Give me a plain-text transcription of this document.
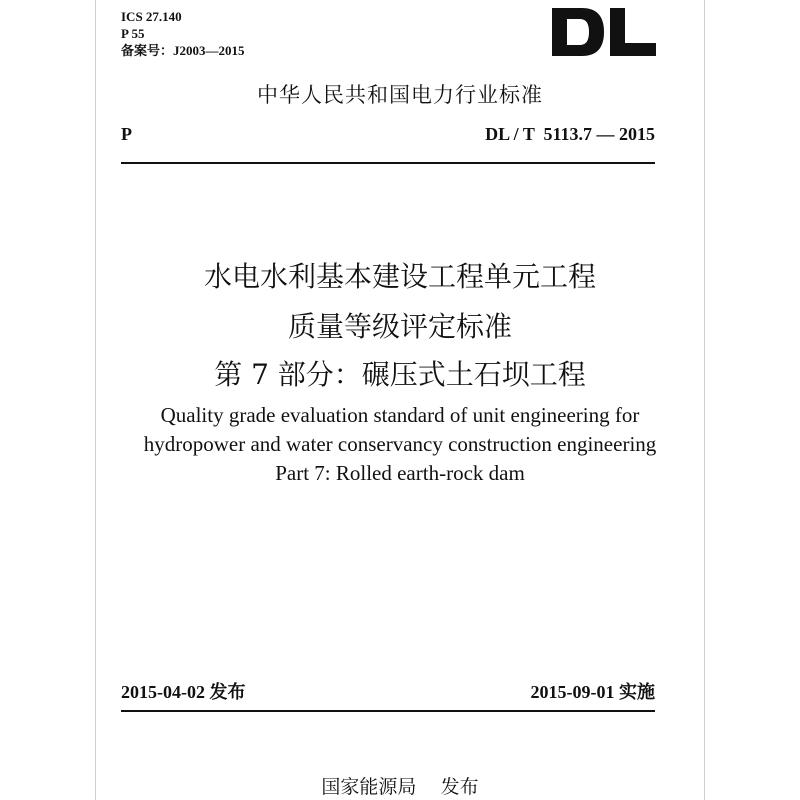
ICS 27.140
P 55
备案号：J2003—2015
中华人民共和国电力行业标准
P	DL / T  5113.7 — 2015
水电水利基本建设工程单元工程
质量等级评定标准
第 7 部分：碾压式土石坝工程
Quality grade evaluation standard of unit engineering for
hydropower and water conservancy construction engineering
Part 7: Rolled earth-rock dam
2015-04-02 发布	2015-09-01 实施
国家能源局    发布
